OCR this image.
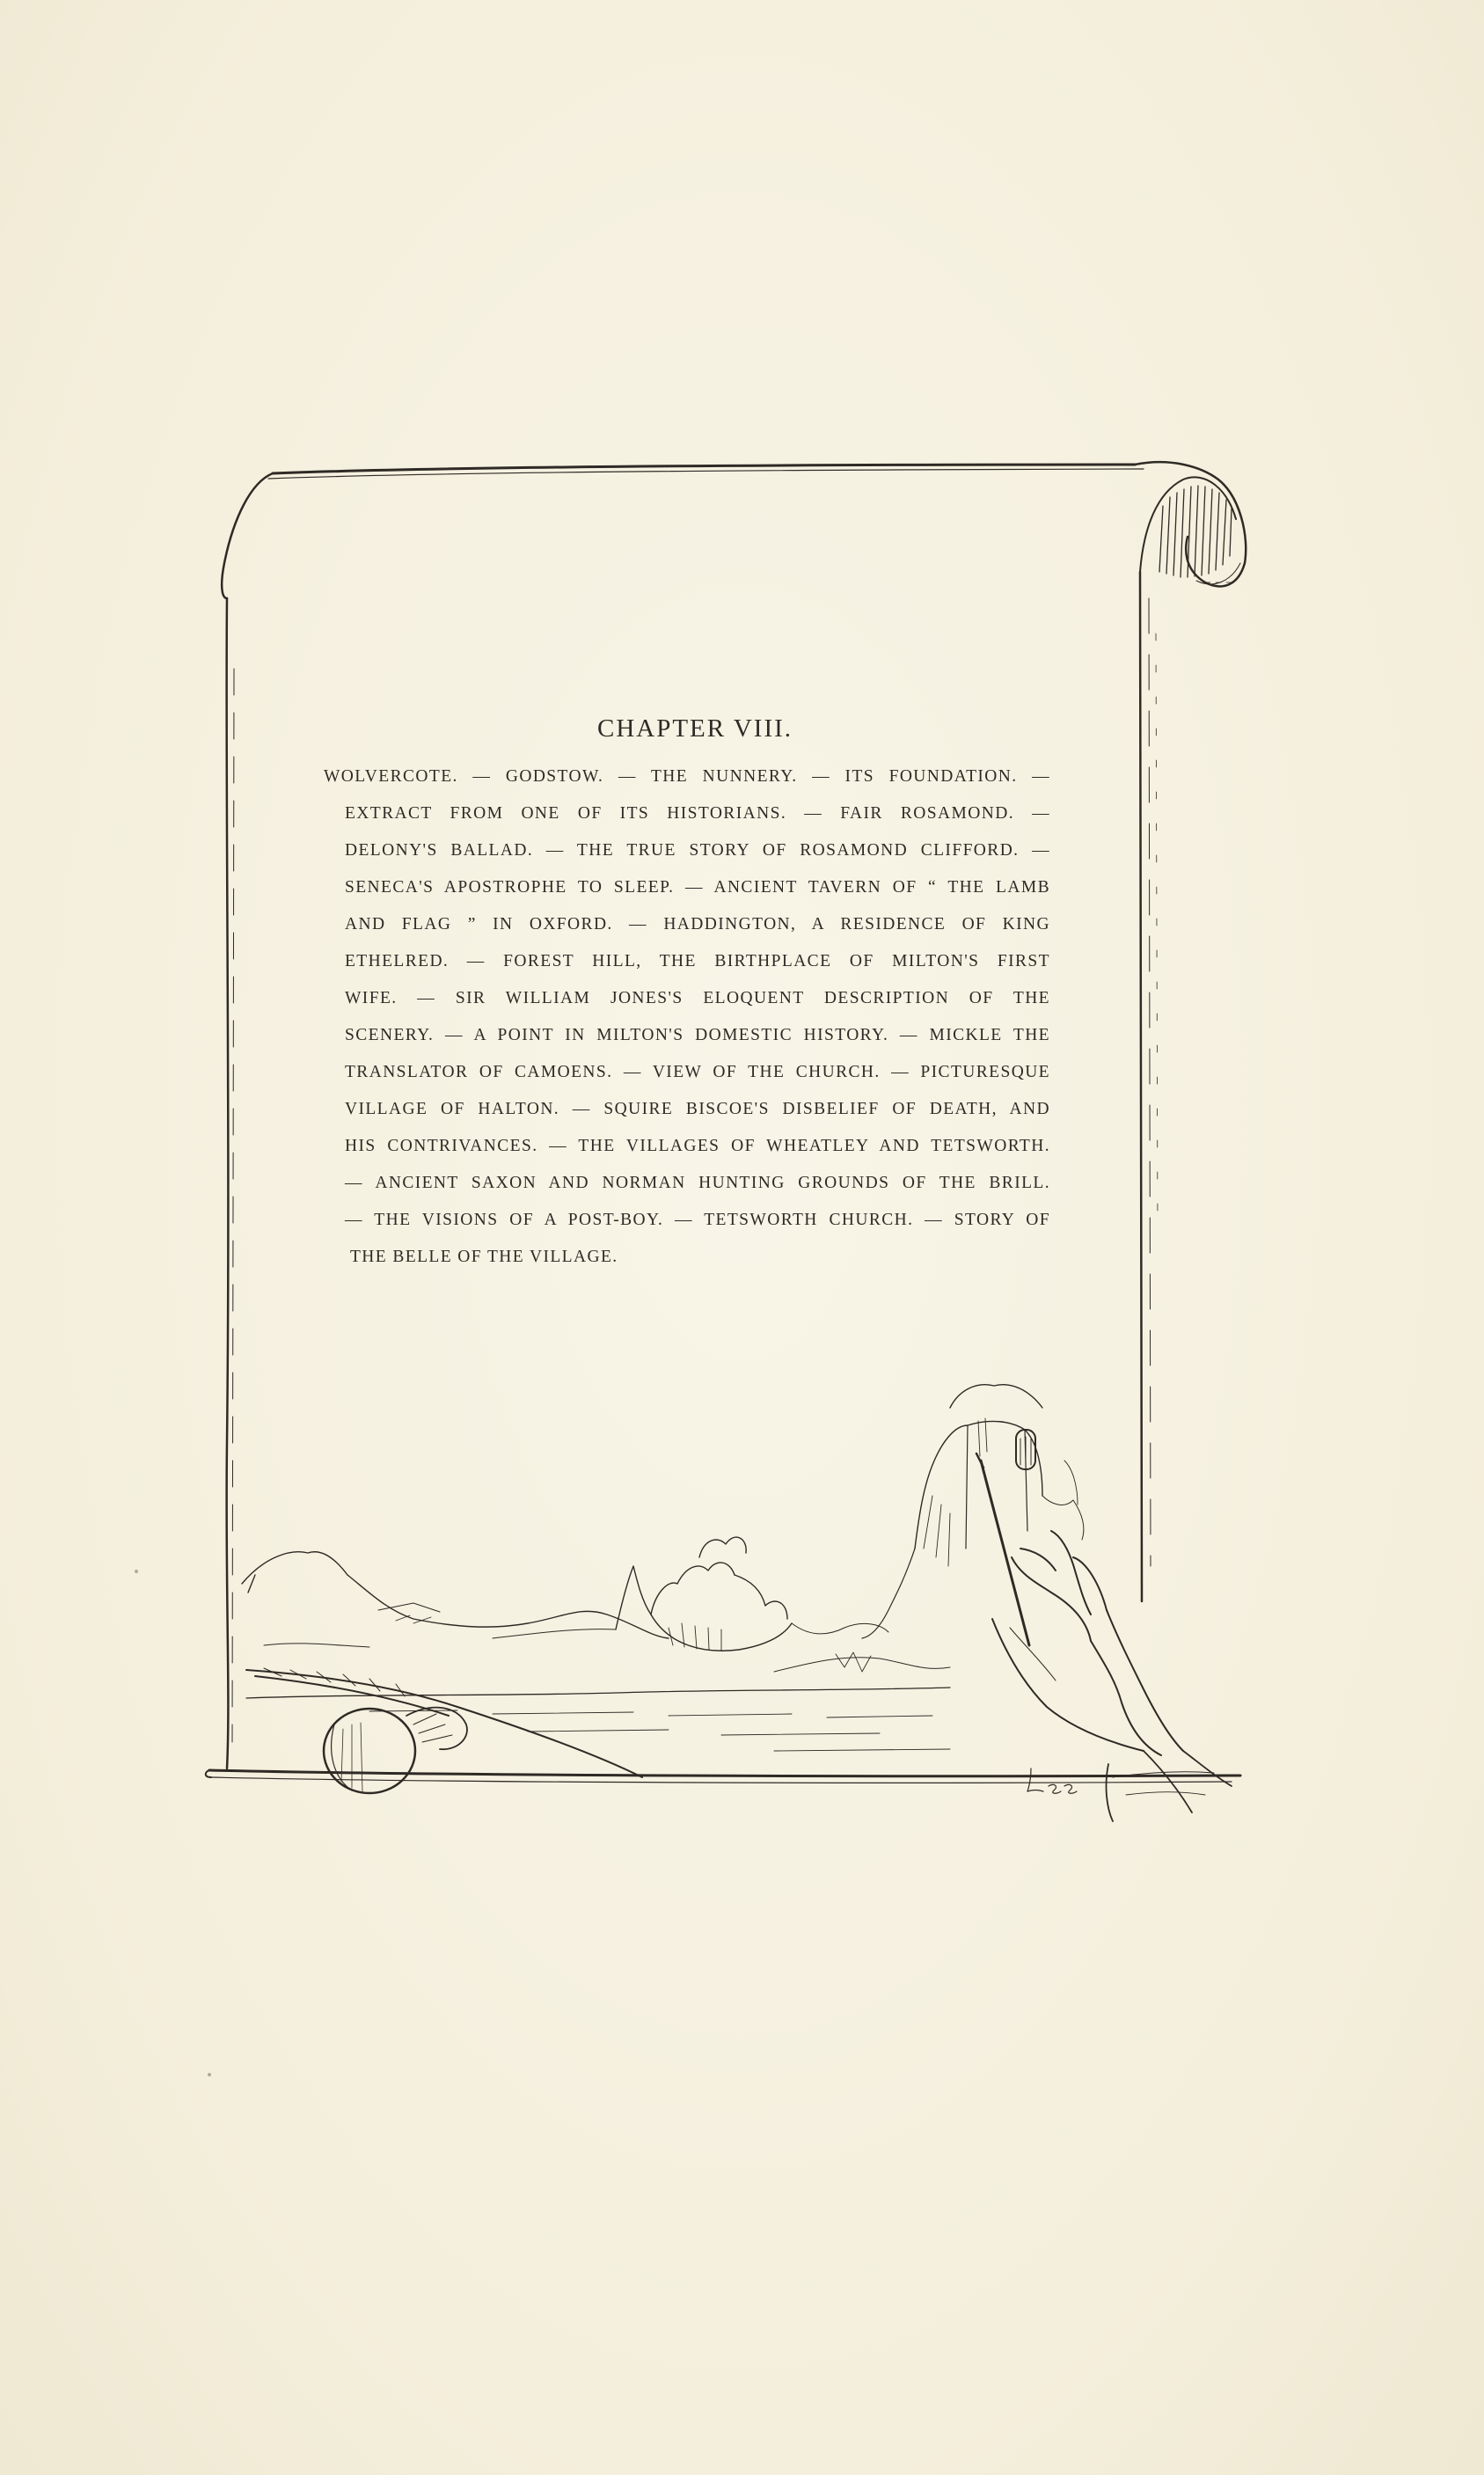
CHAPTER VIII.
WOLVERCOTE. — GODSTOW. — THE NUNNERY. — ITS FOUNDATION. —
EXTRACT FROM ONE OF ITS HISTORIANS. — FAIR ROSAMOND. —
DELONY'S BALLAD. — THE TRUE STORY OF ROSAMOND CLIFFORD. —
SENECA'S APOSTROPHE TO SLEEP. — ANCIENT TAVERN OF “ THE LAMB
AND FLAG ” IN OXFORD. — HADDINGTON, A RESIDENCE OF KING
ETHELRED. — FOREST HILL, THE BIRTHPLACE OF MILTON'S FIRST
WIFE. — SIR WILLIAM JONES'S ELOQUENT DESCRIPTION OF THE
SCENERY. — A POINT IN MILTON'S DOMESTIC HISTORY. — MICKLE THE
TRANSLATOR OF CAMOENS. — VIEW OF THE CHURCH. — PICTURESQUE
VILLAGE OF HALTON. — SQUIRE BISCOE'S DISBELIEF OF DEATH, AND
HIS CONTRIVANCES. — THE VILLAGES OF WHEATLEY AND TETSWORTH.
— ANCIENT SAXON AND NORMAN HUNTING GROUNDS OF THE BRILL.
— THE VISIONS OF A POST-BOY. — TETSWORTH CHURCH. — STORY OF
THE BELLE OF THE VILLAGE.
